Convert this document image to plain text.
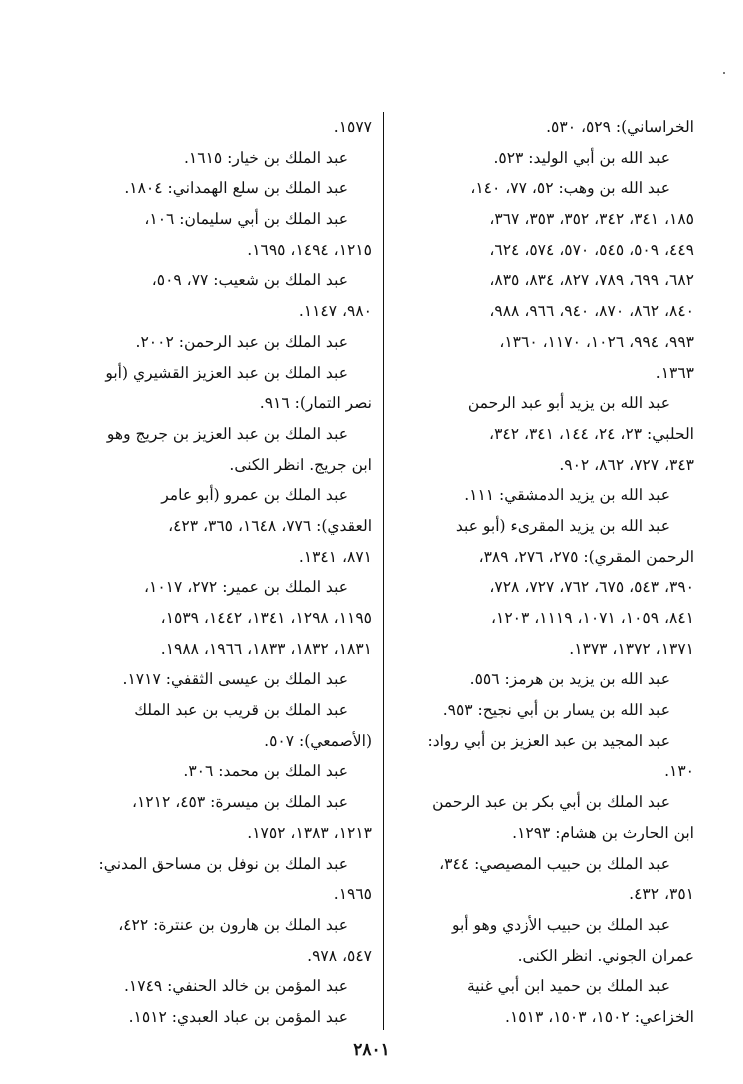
الخراساني): ٥٢٩، ٥٣٠.
عبد الله بن أبي الوليد: ٥٢٣.
عبد الله بن وهب: ٥٢، ٧٧، ١٤٠،
١٨٥، ٣٤١، ٣٤٢، ٣٥٢، ٣٥٣، ٣٦٧،
٤٤٩، ٥٠٩، ٥٤٥، ٥٧٠، ٥٧٤، ٦٢٤،
٦٨٢، ٦٩٩، ٧٨٩، ٨٢٧، ٨٣٤، ٨٣٥،
٨٤٠، ٨٦٢، ٨٧٠، ٩٤٠، ٩٦٦، ٩٨٨،
٩٩٣، ٩٩٤، ١٠٢٦، ١١٧٠، ١٣٦٠،
١٣٦٣.
عبد الله بن يزيد أبو عبد الرحمن
الحلبي: ٢٣، ٢٤، ١٤٤، ٣٤١، ٣٤٢،
٣٤٣، ٧٢٧، ٨٦٢، ٩٠٢.
عبد الله بن يزيد الدمشقي: ١١١.
عبد الله بن يزيد المقرىء (أبو عبد
الرحمن المقري): ٢٧٥، ٢٧٦، ٣٨٩،
٣٩٠، ٥٤٣، ٦٧٥، ٧٦٢، ٧٢٧، ٧٢٨،
٨٤١، ١٠٥٩، ١٠٧١، ١١١٩، ١٢٠٣،
١٣٧١، ١٣٧٢، ١٣٧٣.
عبد الله بن يزيد بن هرمز: ٥٥٦.
عبد الله بن يسار بن أبي نجيح: ٩٥٣.
عبد المجيد بن عبد العزيز بن أبي رواد:
١٣٠.
عبد الملك بن أبي بكر بن عبد الرحمن
ابن الحارث بن هشام: ١٢٩٣.
عبد الملك بن حبيب المصيصي: ٣٤٤،
٣٥١، ٤٣٢.
عبد الملك بن حبيب الأزدي وهو أبو
عمران الجوني. انظر الكنى.
عبد الملك بن حميد ابن أبي غنية
الخزاعي: ١٥٠٢، ١٥٠٣، ١٥١٣.
١٥٧٧.
عبد الملك بن خيار: ١٦١٥.
عبد الملك بن سلع الهمداني: ١٨٠٤.
عبد الملك بن أبي سليمان: ١٠٦،
١٢١٥، ١٤٩٤، ١٦٩٥.
عبد الملك بن شعيب: ٧٧، ٥٠٩،
٩٨٠، ١١٤٧.
عبد الملك بن عبد الرحمن: ٢٠٠٢.
عبد الملك بن عبد العزيز القشيري (أبو
نصر التمار): ٩١٦.
عبد الملك بن عبد العزيز بن جريج وهو
ابن جريج. انظر الكنى.
عبد الملك بن عمرو (أبو عامر
العقدي): ٧٧٦، ١٦٤٨، ٣٦٥، ٤٢٣،
٨٧١، ١٣٤١.
عبد الملك بن عمير: ٢٧٢، ١٠١٧،
١١٩٥، ١٢٩٨، ١٣٤١، ١٤٤٢، ١٥٣٩،
١٨٣١، ١٨٣٢، ١٨٣٣، ١٩٦٦، ١٩٨٨.
عبد الملك بن عيسى الثقفي: ١٧١٧.
عبد الملك بن قريب بن عبد الملك
(الأصمعي): ٥٠٧.
عبد الملك بن محمد: ٣٠٦.
عبد الملك بن ميسرة: ٤٥٣، ١٢١٢،
١٢١٣، ١٣٨٣، ١٧٥٢.
عبد الملك بن نوفل بن مساحق المدني:
١٩٦٥.
عبد الملك بن هارون بن عنترة: ٤٢٢،
٥٤٧، ٩٧٨.
عبد المؤمن بن خالد الحنفي: ١٧٤٩.
عبد المؤمن بن عباد العبدي: ١٥١٢.
٢٨٠١
